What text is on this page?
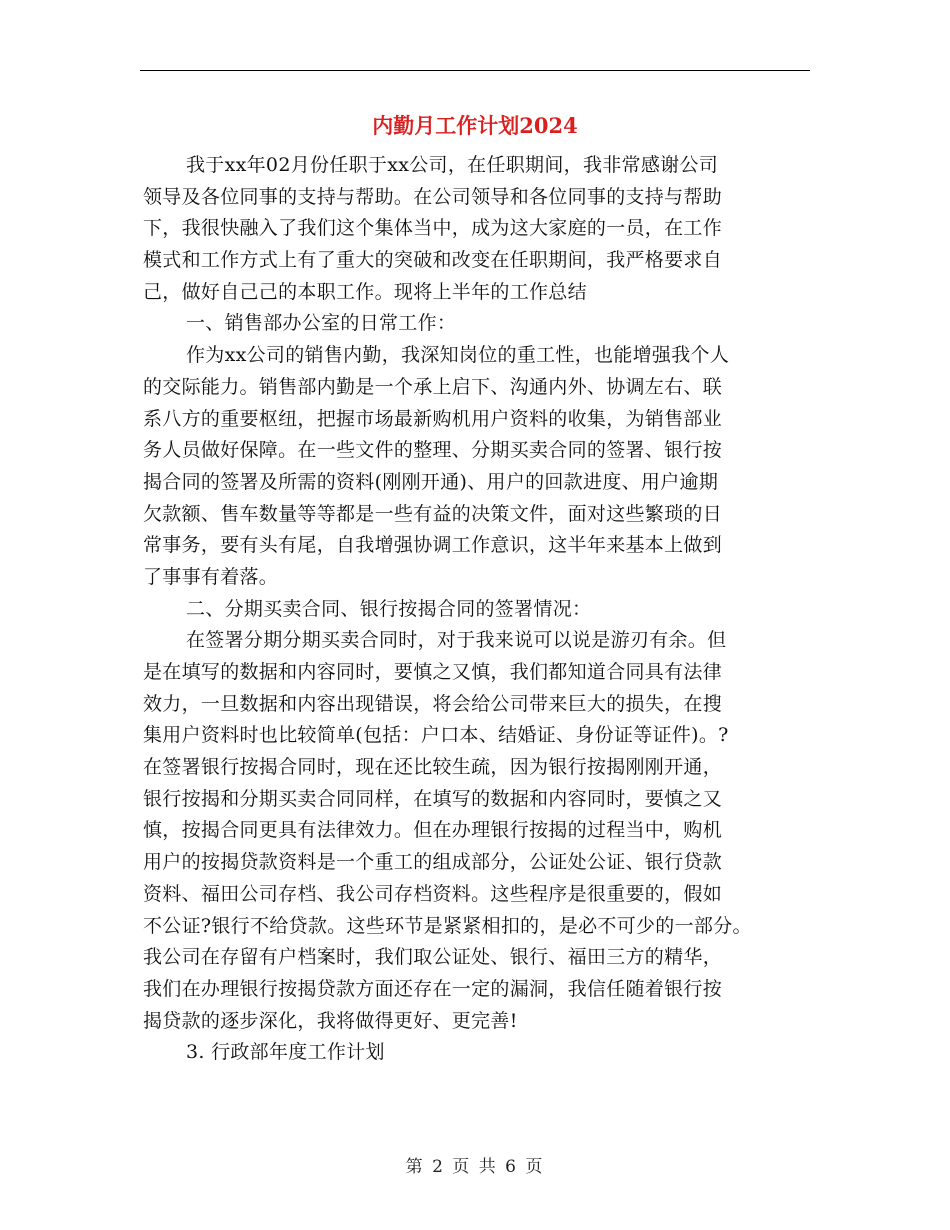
内勤月工作计划2024
我于xx年02月份任职于xx公司，在任职期间，我非常感谢公司
领导及各位同事的支持与帮助。在公司领导和各位同事的支持与帮助
下，我很快融入了我们这个集体当中，成为这大家庭的一员，在工作
模式和工作方式上有了重大的突破和改变在任职期间，我严格要求自
己，做好自己己的本职工作。现将上半年的工作总结
一、销售部办公室的日常工作：
作为xx公司的销售内勤，我深知岗位的重工性，也能增强我个人
的交际能力。销售部内勤是一个承上启下、沟通内外、协调左右、联
系八方的重要枢纽，把握市场最新购机用户资料的收集，为销售部业
务人员做好保障。在一些文件的整理、分期买卖合同的签署、银行按
揭合同的签署及所需的资料(刚刚开通)、用户的回款进度、用户逾期
欠款额、售车数量等等都是一些有益的决策文件，面对这些繁琐的日
常事务，要有头有尾，自我增强协调工作意识，这半年来基本上做到
了事事有着落。
二、分期买卖合同、银行按揭合同的签署情况：
在签署分期分期买卖合同时，对于我来说可以说是游刃有余。但
是在填写的数据和内容同时，要慎之又慎，我们都知道合同具有法律
效力，一旦数据和内容出现错误，将会给公司带来巨大的损失，在搜
集用户资料时也比较简单(包括：户口本、结婚证、身份证等证件)。?
在签署银行按揭合同时，现在还比较生疏，因为银行按揭刚刚开通，
银行按揭和分期买卖合同同样，在填写的数据和内容同时，要慎之又
慎，按揭合同更具有法律效力。但在办理银行按揭的过程当中，购机
用户的按揭贷款资料是一个重工的组成部分，公证处公证、银行贷款
资料、福田公司存档、我公司存档资料。这些程序是很重要的，假如
不公证?银行不给贷款。这些环节是紧紧相扣的，是必不可少的一部分。
我公司在存留有户档案时，我们取公证处、银行、福田三方的精华，
我们在办理银行按揭贷款方面还存在一定的漏洞，我信任随着银行按
揭贷款的逐步深化，我将做得更好、更完善!
3. 行政部年度工作计划
第 2 页 共 6 页
